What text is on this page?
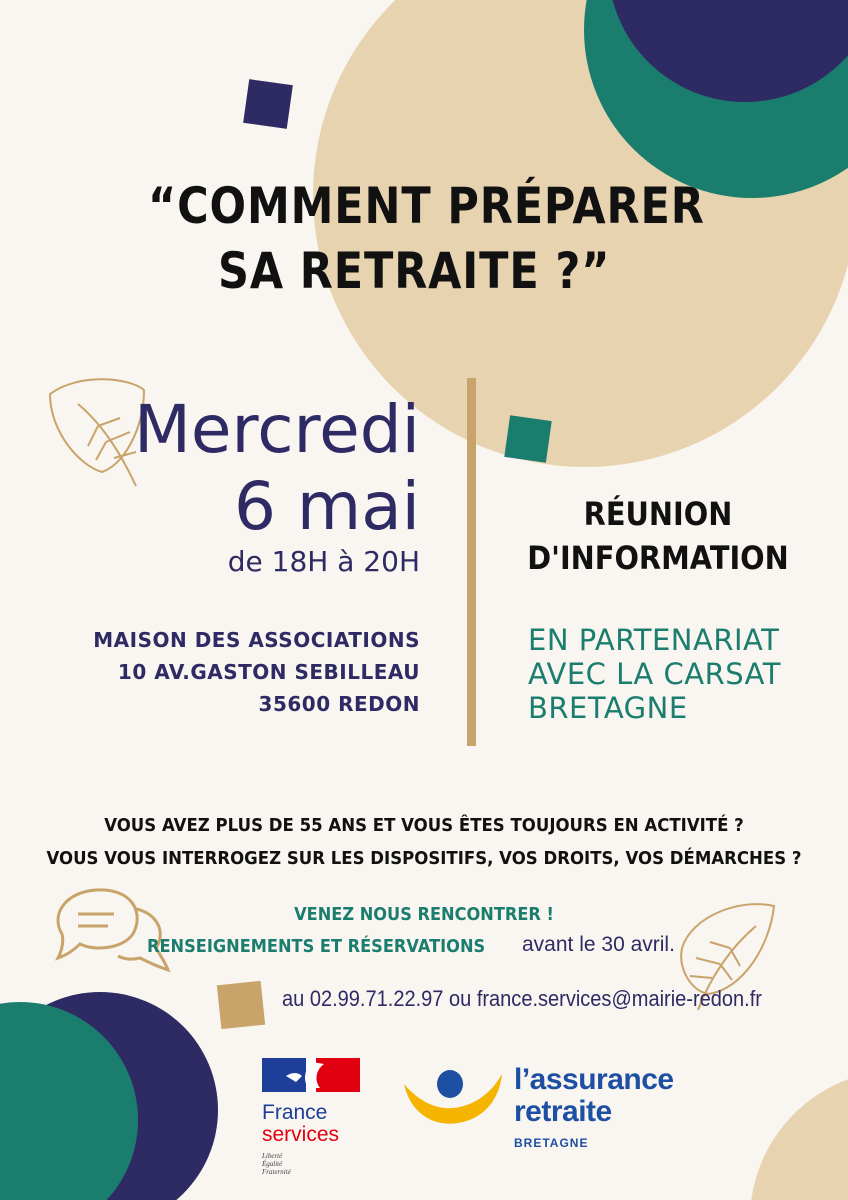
“COMMENT PRÉPARER
SA RETRAITE ?”
Mercredi
6 mai
de 18H à 20H
MAISON DES ASSOCIATIONS
10 AV.GASTON SEBILLEAU
35600 REDON
RÉUNION
D'INFORMATION
EN PARTENARIAT
AVEC LA CARSAT
BRETAGNE
VOUS AVEZ PLUS DE 55 ANS ET VOUS ÊTES TOUJOURS EN ACTIVITÉ ?
VOUS VOUS INTERROGEZ SUR LES DISPOSITIFS, VOS DROITS, VOS DÉMARCHES ?
VENEZ NOUS RENCONTRER !
RENSEIGNEMENTS ET RÉSERVATIONS avant le 30 avril.
au 02.99.71.22.97 ou france.services@mairie-redon.fr
France
services
Liberté
Égalité
Fraternité
l’assurance
retraite
BRETAGNE
